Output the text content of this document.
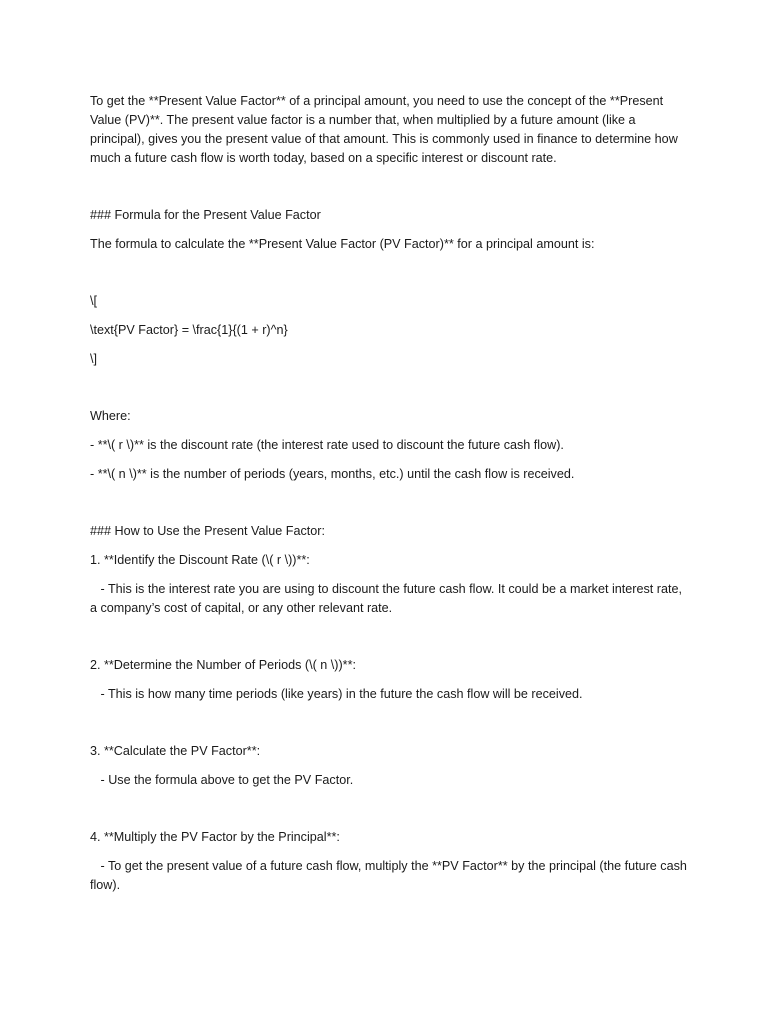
To get the **Present Value Factor** of a principal amount, you need to use the concept of the **Present Value (PV)**. The present value factor is a number that, when multiplied by a future amount (like a principal), gives you the present value of that amount. This is commonly used in finance to determine how much a future cash flow is worth today, based on a specific interest or discount rate.

### Formula for the Present Value Factor

The formula to calculate the **Present Value Factor (PV Factor)** for a principal amount is:

\[

\text{PV Factor} = \frac{1}{(1 + r)^n}

\]

Where:

- **\( r \)** is the discount rate (the interest rate used to discount the future cash flow).

- **\( n \)** is the number of periods (years, months, etc.) until the cash flow is received.

### How to Use the Present Value Factor:

1. **Identify the Discount Rate (\( r \))**:

- This is the interest rate you are using to discount the future cash flow. It could be a market interest rate, a company’s cost of capital, or any other relevant rate.

2. **Determine the Number of Periods (\( n \))**:

- This is how many time periods (like years) in the future the cash flow will be received.

3. **Calculate the PV Factor**:

- Use the formula above to get the PV Factor.

4. **Multiply the PV Factor by the Principal**:

- To get the present value of a future cash flow, multiply the **PV Factor** by the principal (the future cash flow).
